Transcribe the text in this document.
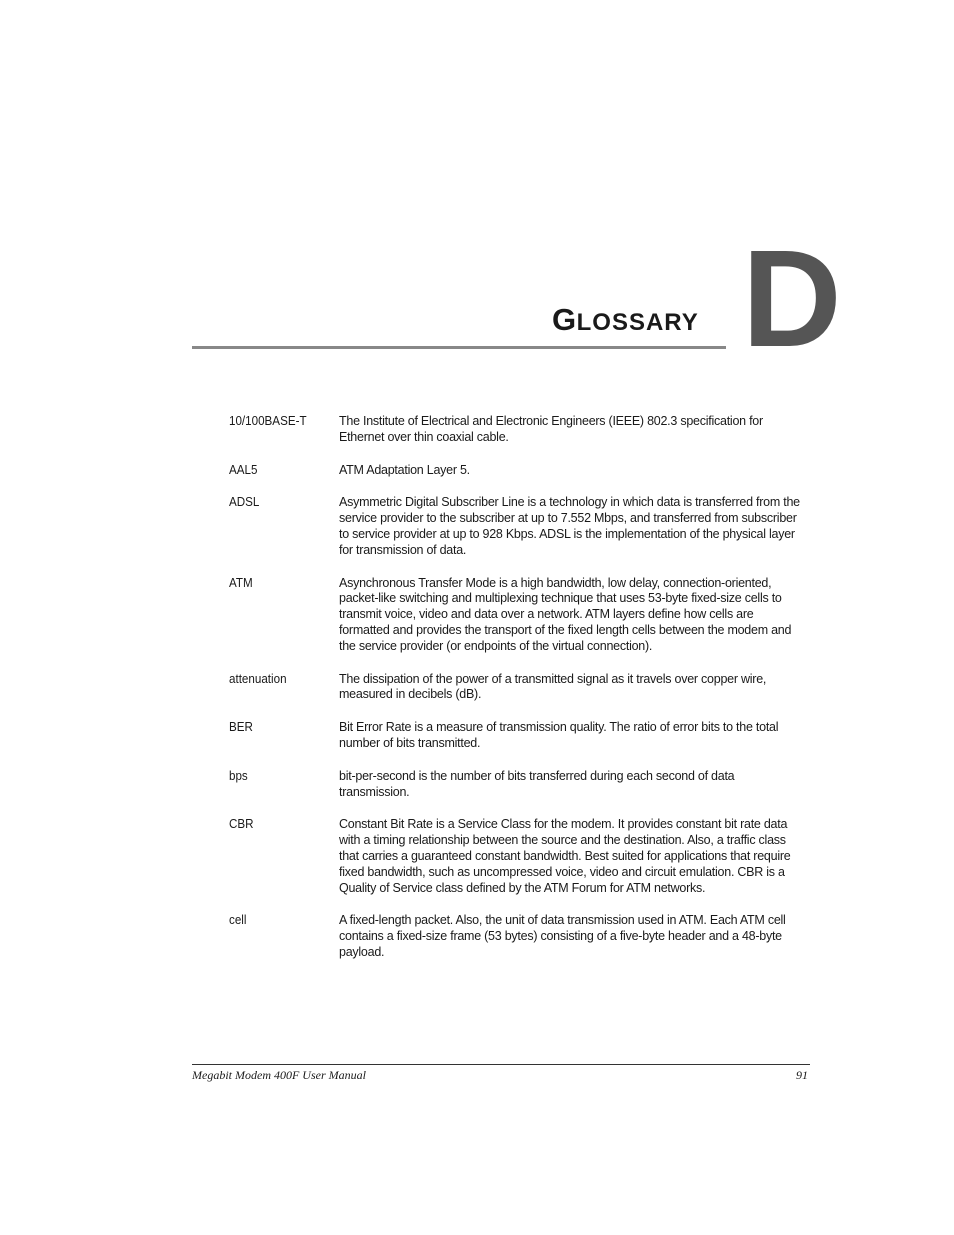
GLOSSARY D
10/100BASE-T	The Institute of Electrical and Electronic Engineers (IEEE) 802.3 specification for Ethernet over thin coaxial cable.
AAL5	ATM Adaptation Layer 5.
ADSL	Asymmetric Digital Subscriber Line is a technology in which data is transferred from the service provider to the subscriber at up to 7.552 Mbps, and transferred from subscriber to service provider at up to 928 Kbps. ADSL is the implementation of the physical layer for transmission of data.
ATM	Asynchronous Transfer Mode is a high bandwidth, low delay, connection-oriented, packet-like switching and multiplexing technique that uses 53-byte fixed-size cells to transmit voice, video and data over a network. ATM layers define how cells are formatted and provides the transport of the fixed length cells between the modem and the service provider (or endpoints of the virtual connection).
attenuation	The dissipation of the power of a transmitted signal as it travels over copper wire, measured in decibels (dB).
BER	Bit Error Rate is a measure of transmission quality. The ratio of error bits to the total number of bits transmitted.
bps	bit-per-second is the number of bits transferred during each second of data transmission.
CBR	Constant Bit Rate is a Service Class for the modem. It provides constant bit rate data with a timing relationship between the source and the destination. Also, a traffic class that carries a guaranteed constant bandwidth. Best suited for applications that require fixed bandwidth, such as uncompressed voice, video and circuit emulation. CBR is a Quality of Service class defined by the ATM Forum for ATM networks.
cell	A fixed-length packet. Also, the unit of data transmission used in ATM. Each ATM cell contains a fixed-size frame (53 bytes) consisting of a five-byte header and a 48-byte payload.
Megabit Modem 400F User Manual	91
